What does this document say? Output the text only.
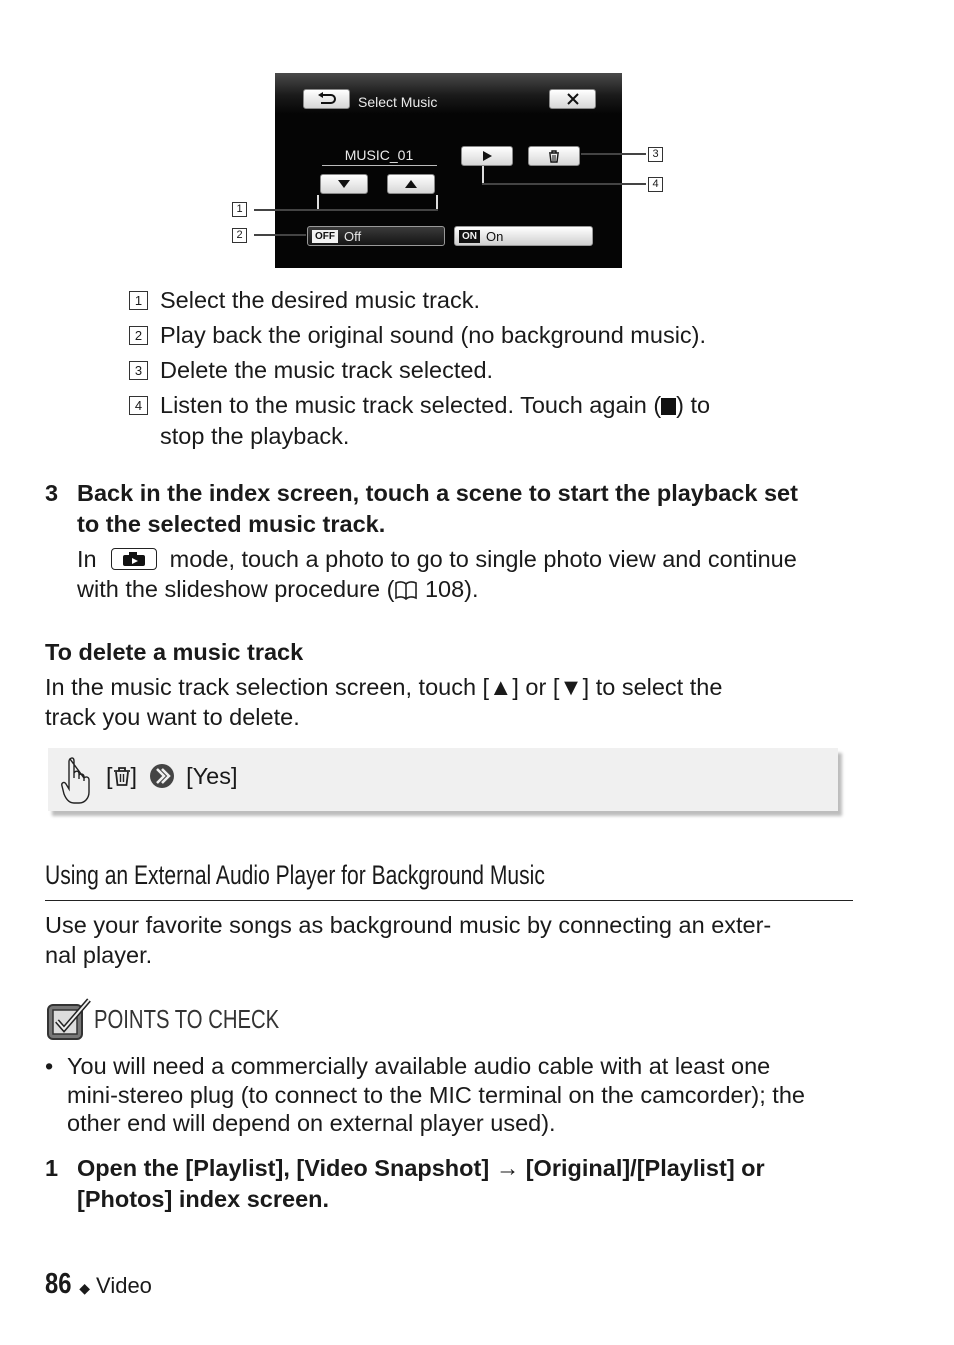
Select Music
MUSIC_01
OFF Off	ON On
1
2
3
4
1 Select the desired music track.
2 Play back the original sound (no background music).
3 Delete the music track selected.
4 Listen to the music track selected. Touch again ( ) to
stop the playback.
3 Back in the index screen, touch a scene to start the playback set
to the selected music track.
In	mode, touch a photo to go to single photo view and continue
with the slideshow procedure ( 108).
To delete a music track
In the music track selection screen, touch [▲] or [▼] to select the
track you want to delete.
[ ] [Yes]
Using an External Audio Player for Background Music
Use your favorite songs as background music by connecting an exter-
nal player.
POINTS TO CHECK
• You will need a commercially available audio cable with at least one
mini-stereo plug (to connect to the MIC terminal on the camcorder); the
other end will depend on external player used).
1 Open the [Playlist], [Video Snapshot] → [Original]/[Playlist] or
[Photos] index screen.
86 ◆ Video
